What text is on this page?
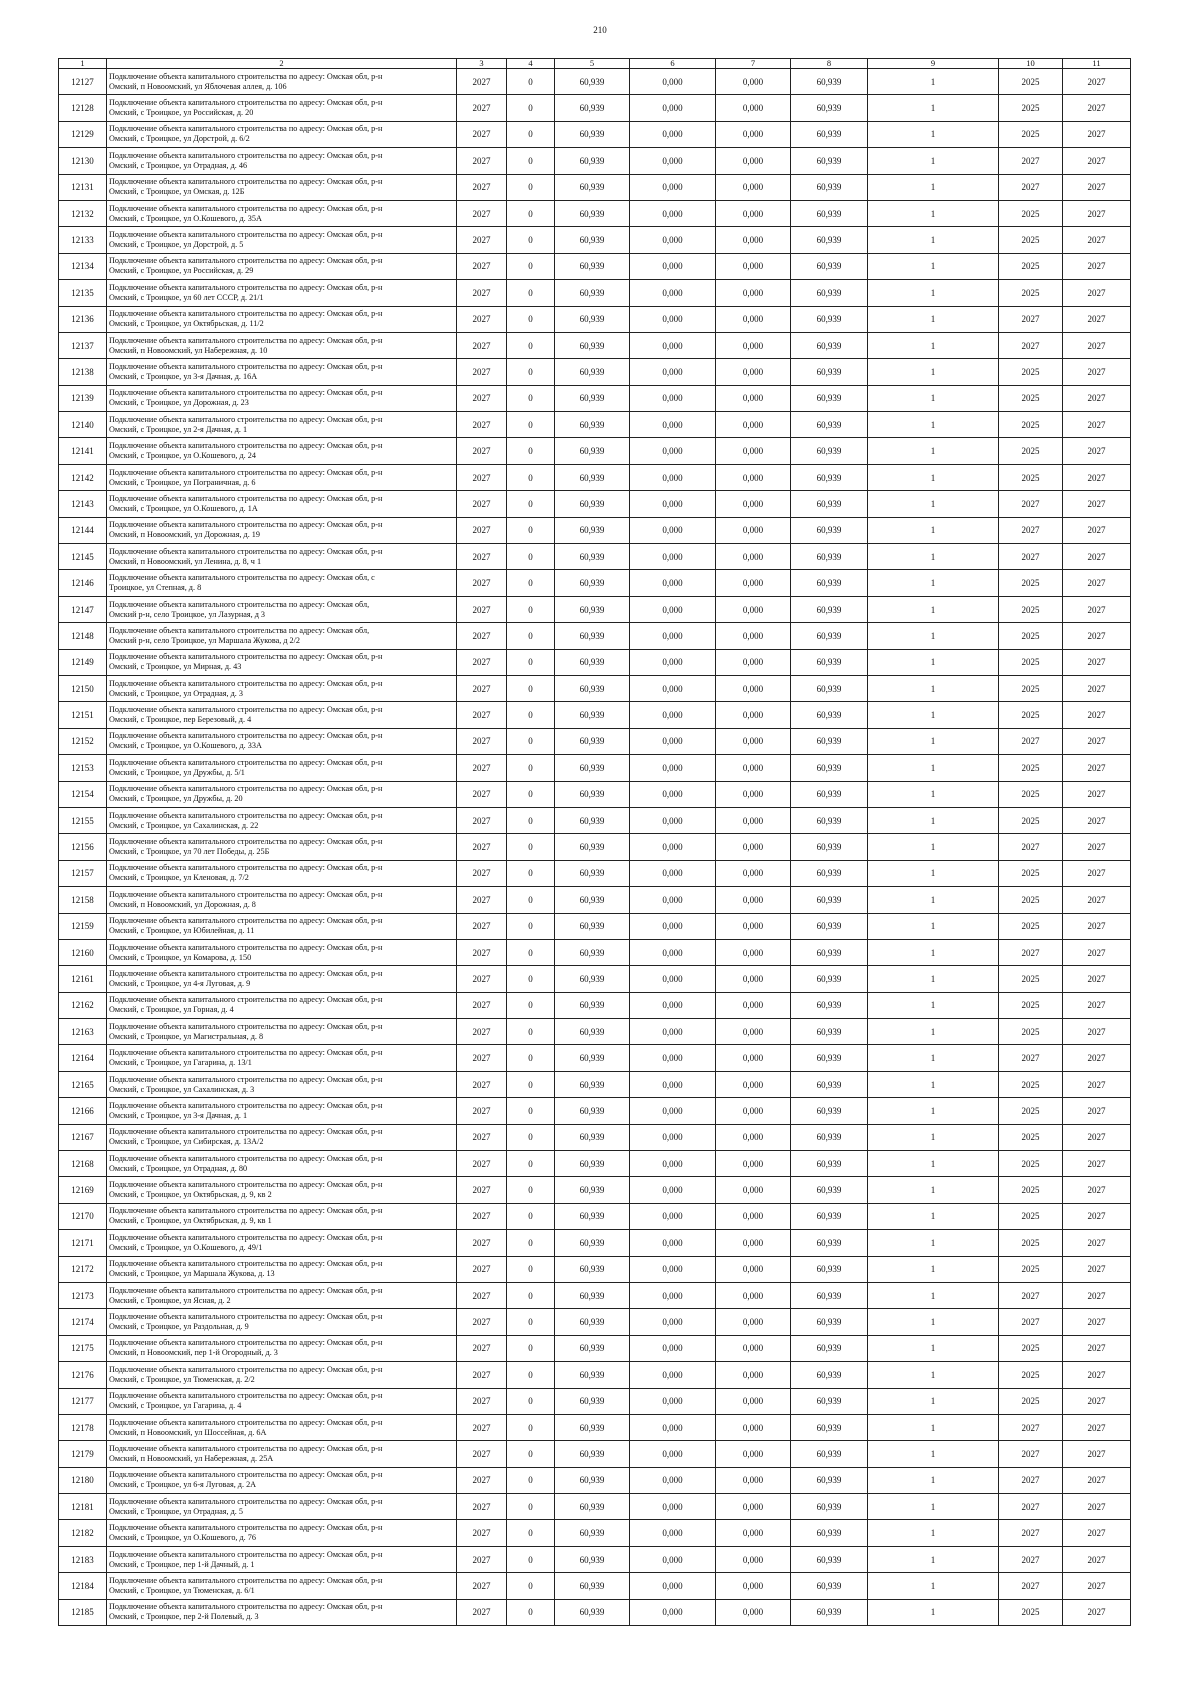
210
1	2	3	4	5	6	7	8	9	10	11
12127	Подключение объекта капитального строительства по адресу: Омская обл, р-н
Омский, п Новоомский, ул Яблочевая аллея, д. 106	2027	0	60,939	0,000	0,000	60,939	1	2025	2027
12128	Подключение объекта капитального строительства по адресу: Омская обл, р-н
Омский, с Троицкое, ул Российская, д. 20	2027	0	60,939	0,000	0,000	60,939	1	2025	2027
12129	Подключение объекта капитального строительства по адресу: Омская обл, р-н
Омский, с Троицкое, ул Дорстрой, д. 6/2	2027	0	60,939	0,000	0,000	60,939	1	2025	2027
12130	Подключение объекта капитального строительства по адресу: Омская обл, р-н
Омский, с Троицкое, ул Отрадная, д. 46	2027	0	60,939	0,000	0,000	60,939	1	2027	2027
12131	Подключение объекта капитального строительства по адресу: Омская обл, р-н
Омский, с Троицкое, ул Омская, д. 12Б	2027	0	60,939	0,000	0,000	60,939	1	2027	2027
12132	Подключение объекта капитального строительства по адресу: Омская обл, р-н
Омский, с Троицкое, ул О.Кошевого, д. 35А	2027	0	60,939	0,000	0,000	60,939	1	2025	2027
12133	Подключение объекта капитального строительства по адресу: Омская обл, р-н
Омский, с Троицкое, ул Дорстрой, д. 5	2027	0	60,939	0,000	0,000	60,939	1	2025	2027
12134	Подключение объекта капитального строительства по адресу: Омская обл, р-н
Омский, с Троицкое, ул Российская, д. 29	2027	0	60,939	0,000	0,000	60,939	1	2025	2027
12135	Подключение объекта капитального строительства по адресу: Омская обл, р-н
Омский, с Троицкое, ул 60 лет СССР, д. 21/1	2027	0	60,939	0,000	0,000	60,939	1	2025	2027
12136	Подключение объекта капитального строительства по адресу: Омская обл, р-н
Омский, с Троицкое, ул Октябрьская, д. 11/2	2027	0	60,939	0,000	0,000	60,939	1	2027	2027
12137	Подключение объекта капитального строительства по адресу: Омская обл, р-н
Омский, п Новоомский, ул Набережная, д. 10	2027	0	60,939	0,000	0,000	60,939	1	2027	2027
12138	Подключение объекта капитального строительства по адресу: Омская обл, р-н
Омский, с Троицкое, ул 3-я Дачная, д. 16А	2027	0	60,939	0,000	0,000	60,939	1	2025	2027
12139	Подключение объекта капитального строительства по адресу: Омская обл, р-н
Омский, с Троицкое, ул Дорожная, д. 23	2027	0	60,939	0,000	0,000	60,939	1	2025	2027
12140	Подключение объекта капитального строительства по адресу: Омская обл, р-н
Омский, с Троицкое, ул 2-я Дачная, д. 1	2027	0	60,939	0,000	0,000	60,939	1	2025	2027
12141	Подключение объекта капитального строительства по адресу: Омская обл, р-н
Омский, с Троицкое, ул О.Кошевого, д. 24	2027	0	60,939	0,000	0,000	60,939	1	2025	2027
12142	Подключение объекта капитального строительства по адресу: Омская обл, р-н
Омский, с Троицкое, ул Пограничная, д. 6	2027	0	60,939	0,000	0,000	60,939	1	2025	2027
12143	Подключение объекта капитального строительства по адресу: Омская обл, р-н
Омский, с Троицкое, ул О.Кошевого, д. 1А	2027	0	60,939	0,000	0,000	60,939	1	2027	2027
12144	Подключение объекта капитального строительства по адресу: Омская обл, р-н
Омский, п Новоомский, ул Дорожная, д. 19	2027	0	60,939	0,000	0,000	60,939	1	2027	2027
12145	Подключение объекта капитального строительства по адресу: Омская обл, р-н
Омский, п Новоомский, ул Ленина, д. 8, ч 1	2027	0	60,939	0,000	0,000	60,939	1	2027	2027
12146	Подключение объекта капитального строительства по адресу: Омская обл, с
Троицкое, ул Степная, д. 8	2027	0	60,939	0,000	0,000	60,939	1	2025	2027
12147	Подключение объекта капитального строительства по адресу: Омская обл,
Омский р-н, село Троицкое, ул Лазурная, д 3	2027	0	60,939	0,000	0,000	60,939	1	2025	2027
12148	Подключение объекта капитального строительства по адресу: Омская обл,
Омский р-н, село Троицкое, ул Маршала Жукова, д 2/2	2027	0	60,939	0,000	0,000	60,939	1	2025	2027
12149	Подключение объекта капитального строительства по адресу: Омская обл, р-н
Омский, с Троицкое, ул Мирная, д. 43	2027	0	60,939	0,000	0,000	60,939	1	2025	2027
12150	Подключение объекта капитального строительства по адресу: Омская обл, р-н
Омский, с Троицкое, ул Отрадная, д. 3	2027	0	60,939	0,000	0,000	60,939	1	2025	2027
12151	Подключение объекта капитального строительства по адресу: Омская обл, р-н
Омский, с Троицкое, пер Березовый, д. 4	2027	0	60,939	0,000	0,000	60,939	1	2025	2027
12152	Подключение объекта капитального строительства по адресу: Омская обл, р-н
Омский, с Троицкое, ул О.Кошевого, д. 33А	2027	0	60,939	0,000	0,000	60,939	1	2027	2027
12153	Подключение объекта капитального строительства по адресу: Омская обл, р-н
Омский, с Троицкое, ул Дружбы, д. 5/1	2027	0	60,939	0,000	0,000	60,939	1	2025	2027
12154	Подключение объекта капитального строительства по адресу: Омская обл, р-н
Омский, с Троицкое, ул Дружбы, д. 20	2027	0	60,939	0,000	0,000	60,939	1	2025	2027
12155	Подключение объекта капитального строительства по адресу: Омская обл, р-н
Омский, с Троицкое, ул Сахалинская, д. 22	2027	0	60,939	0,000	0,000	60,939	1	2025	2027
12156	Подключение объекта капитального строительства по адресу: Омская обл, р-н
Омский, с Троицкое, ул 70 лет Победы, д. 25Б	2027	0	60,939	0,000	0,000	60,939	1	2027	2027
12157	Подключение объекта капитального строительства по адресу: Омская обл, р-н
Омский, с Троицкое, ул Кленовая, д. 7/2	2027	0	60,939	0,000	0,000	60,939	1	2025	2027
12158	Подключение объекта капитального строительства по адресу: Омская обл, р-н
Омский, п Новоомский, ул Дорожная, д. 8	2027	0	60,939	0,000	0,000	60,939	1	2025	2027
12159	Подключение объекта капитального строительства по адресу: Омская обл, р-н
Омский, с Троицкое, ул Юбилейная, д. 11	2027	0	60,939	0,000	0,000	60,939	1	2025	2027
12160	Подключение объекта капитального строительства по адресу: Омская обл, р-н
Омский, с Троицкое, ул Комарова, д. 150	2027	0	60,939	0,000	0,000	60,939	1	2027	2027
12161	Подключение объекта капитального строительства по адресу: Омская обл, р-н
Омский, с Троицкое, ул 4-я Луговая, д. 9	2027	0	60,939	0,000	0,000	60,939	1	2025	2027
12162	Подключение объекта капитального строительства по адресу: Омская обл, р-н
Омский, с Троицкое, ул Горная, д. 4	2027	0	60,939	0,000	0,000	60,939	1	2025	2027
12163	Подключение объекта капитального строительства по адресу: Омская обл, р-н
Омский, с Троицкое, ул Магистральная, д. 8	2027	0	60,939	0,000	0,000	60,939	1	2025	2027
12164	Подключение объекта капитального строительства по адресу: Омская обл, р-н
Омский, с Троицкое, ул Гагарина, д. 13/1	2027	0	60,939	0,000	0,000	60,939	1	2027	2027
12165	Подключение объекта капитального строительства по адресу: Омская обл, р-н
Омский, с Троицкое, ул Сахалинская, д. 3	2027	0	60,939	0,000	0,000	60,939	1	2025	2027
12166	Подключение объекта капитального строительства по адресу: Омская обл, р-н
Омский, с Троицкое, ул 3-я Дачная, д. 1	2027	0	60,939	0,000	0,000	60,939	1	2025	2027
12167	Подключение объекта капитального строительства по адресу: Омская обл, р-н
Омский, с Троицкое, ул Сибирская, д. 13А/2	2027	0	60,939	0,000	0,000	60,939	1	2025	2027
12168	Подключение объекта капитального строительства по адресу: Омская обл, р-н
Омский, с Троицкое, ул Отрадная, д. 80	2027	0	60,939	0,000	0,000	60,939	1	2025	2027
12169	Подключение объекта капитального строительства по адресу: Омская обл, р-н
Омский, с Троицкое, ул Октябрьская, д. 9, кв 2	2027	0	60,939	0,000	0,000	60,939	1	2025	2027
12170	Подключение объекта капитального строительства по адресу: Омская обл, р-н
Омский, с Троицкое, ул Октябрьская, д. 9, кв 1	2027	0	60,939	0,000	0,000	60,939	1	2025	2027
12171	Подключение объекта капитального строительства по адресу: Омская обл, р-н
Омский, с Троицкое, ул О.Кошевого, д. 49/1	2027	0	60,939	0,000	0,000	60,939	1	2025	2027
12172	Подключение объекта капитального строительства по адресу: Омская обл, р-н
Омский, с Троицкое, ул Маршала Жукова, д. 13	2027	0	60,939	0,000	0,000	60,939	1	2025	2027
12173	Подключение объекта капитального строительства по адресу: Омская обл, р-н
Омский, с Троицкое, ул Ясная, д. 2	2027	0	60,939	0,000	0,000	60,939	1	2027	2027
12174	Подключение объекта капитального строительства по адресу: Омская обл, р-н
Омский, с Троицкое, ул Раздольная, д. 9	2027	0	60,939	0,000	0,000	60,939	1	2027	2027
12175	Подключение объекта капитального строительства по адресу: Омская обл, р-н
Омский, п Новоомский, пер 1-й Огородный, д. 3	2027	0	60,939	0,000	0,000	60,939	1	2025	2027
12176	Подключение объекта капитального строительства по адресу: Омская обл, р-н
Омский, с Троицкое, ул Тюменская, д. 2/2	2027	0	60,939	0,000	0,000	60,939	1	2025	2027
12177	Подключение объекта капитального строительства по адресу: Омская обл, р-н
Омский, с Троицкое, ул Гагарина, д. 4	2027	0	60,939	0,000	0,000	60,939	1	2025	2027
12178	Подключение объекта капитального строительства по адресу: Омская обл, р-н
Омский, п Новоомский, ул Шоссейная, д. 6А	2027	0	60,939	0,000	0,000	60,939	1	2027	2027
12179	Подключение объекта капитального строительства по адресу: Омская обл, р-н
Омский, п Новоомский, ул Набережная, д. 25А	2027	0	60,939	0,000	0,000	60,939	1	2027	2027
12180	Подключение объекта капитального строительства по адресу: Омская обл, р-н
Омский, с Троицкое, ул 6-я Луговая, д. 2А	2027	0	60,939	0,000	0,000	60,939	1	2027	2027
12181	Подключение объекта капитального строительства по адресу: Омская обл, р-н
Омский, с Троицкое, ул Отрадная, д. 5	2027	0	60,939	0,000	0,000	60,939	1	2027	2027
12182	Подключение объекта капитального строительства по адресу: Омская обл, р-н
Омский, с Троицкое, ул О.Кошевого, д. 76	2027	0	60,939	0,000	0,000	60,939	1	2027	2027
12183	Подключение объекта капитального строительства по адресу: Омская обл, р-н
Омский, с Троицкое, пер 1-й Дачный, д. 1	2027	0	60,939	0,000	0,000	60,939	1	2027	2027
12184	Подключение объекта капитального строительства по адресу: Омская обл, р-н
Омский, с Троицкое, ул Тюменская, д. 6/1	2027	0	60,939	0,000	0,000	60,939	1	2027	2027
12185	Подключение объекта капитального строительства по адресу: Омская обл, р-н
Омский, с Троицкое, пер 2-й Полевый, д. 3	2027	0	60,939	0,000	0,000	60,939	1	2025	2027
